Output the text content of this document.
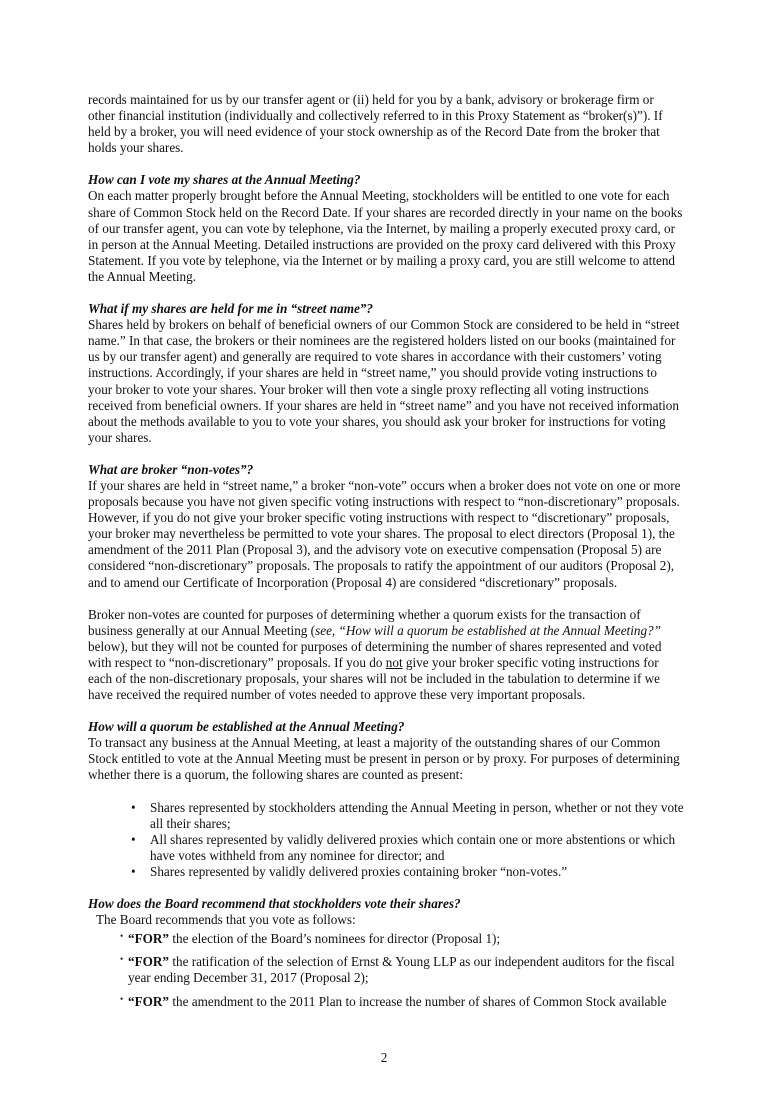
records maintained for us by our transfer agent or (ii) held for you by a bank, advisory or brokerage firm or other financial institution (individually and collectively referred to in this Proxy Statement as “broker(s)”). If held by a broker, you will need evidence of your stock ownership as of the Record Date from the broker that holds your shares.

How can I vote my shares at the Annual Meeting?

On each matter properly brought before the Annual Meeting, stockholders will be entitled to one vote for each share of Common Stock held on the Record Date. If your shares are recorded directly in your name on the books of our transfer agent, you can vote by telephone, via the Internet, by mailing a properly executed proxy card, or in person at the Annual Meeting. Detailed instructions are provided on the proxy card delivered with this Proxy Statement. If you vote by telephone, via the Internet or by mailing a proxy card, you are still welcome to attend the Annual Meeting.

What if my shares are held for me in “street name”?

Shares held by brokers on behalf of beneficial owners of our Common Stock are considered to be held in “street name.” In that case, the brokers or their nominees are the registered holders listed on our books (maintained for us by our transfer agent) and generally are required to vote shares in accordance with their customers’ voting instructions. Accordingly, if your shares are held in “street name,” you should provide voting instructions to your broker to vote your shares. Your broker will then vote a single proxy reflecting all voting instructions received from beneficial owners. If your shares are held in “street name” and you have not received information about the methods available to you to vote your shares, you should ask your broker for instructions for voting your shares.

What are broker “non-votes”?

If your shares are held in “street name,” a broker “non-vote” occurs when a broker does not vote on one or more proposals because you have not given specific voting instructions with respect to “non-discretionary” proposals. However, if you do not give your broker specific voting instructions with respect to “discretionary” proposals, your broker may nevertheless be permitted to vote your shares. The proposal to elect directors (Proposal 1), the amendment of the 2011 Plan (Proposal 3), and the advisory vote on executive compensation (Proposal 5) are considered “non-discretionary” proposals. The proposals to ratify the appointment of our auditors (Proposal 2), and to amend our Certificate of Incorporation (Proposal 4) are considered “discretionary” proposals.

Broker non-votes are counted for purposes of determining whether a quorum exists for the transaction of business generally at our Annual Meeting (see, “How will a quorum be established at the Annual Meeting?” below), but they will not be counted for purposes of determining the number of shares represented and voted with respect to “non-discretionary” proposals. If you do not give your broker specific voting instructions for each of the non-discretionary proposals, your shares will not be included in the tabulation to determine if we have received the required number of votes needed to approve these very important proposals.

How will a quorum be established at the Annual Meeting?

To transact any business at the Annual Meeting, at least a majority of the outstanding shares of our Common Stock entitled to vote at the Annual Meeting must be present in person or by proxy. For purposes of determining whether there is a quorum, the following shares are counted as present:

• Shares represented by stockholders attending the Annual Meeting in person, whether or not they vote all their shares;
• All shares represented by validly delivered proxies which contain one or more abstentions or which have votes withheld from any nominee for director; and
• Shares represented by validly delivered proxies containing broker “non-votes.”

How does the Board recommend that stockholders vote their shares?

The Board recommends that you vote as follows:

• “FOR” the election of the Board’s nominees for director (Proposal 1);
• “FOR” the ratification of the selection of Ernst & Young LLP as our independent auditors for the fiscal year ending December 31, 2017 (Proposal 2);
• “FOR” the amendment to the 2011 Plan to increase the number of shares of Common Stock available
2
